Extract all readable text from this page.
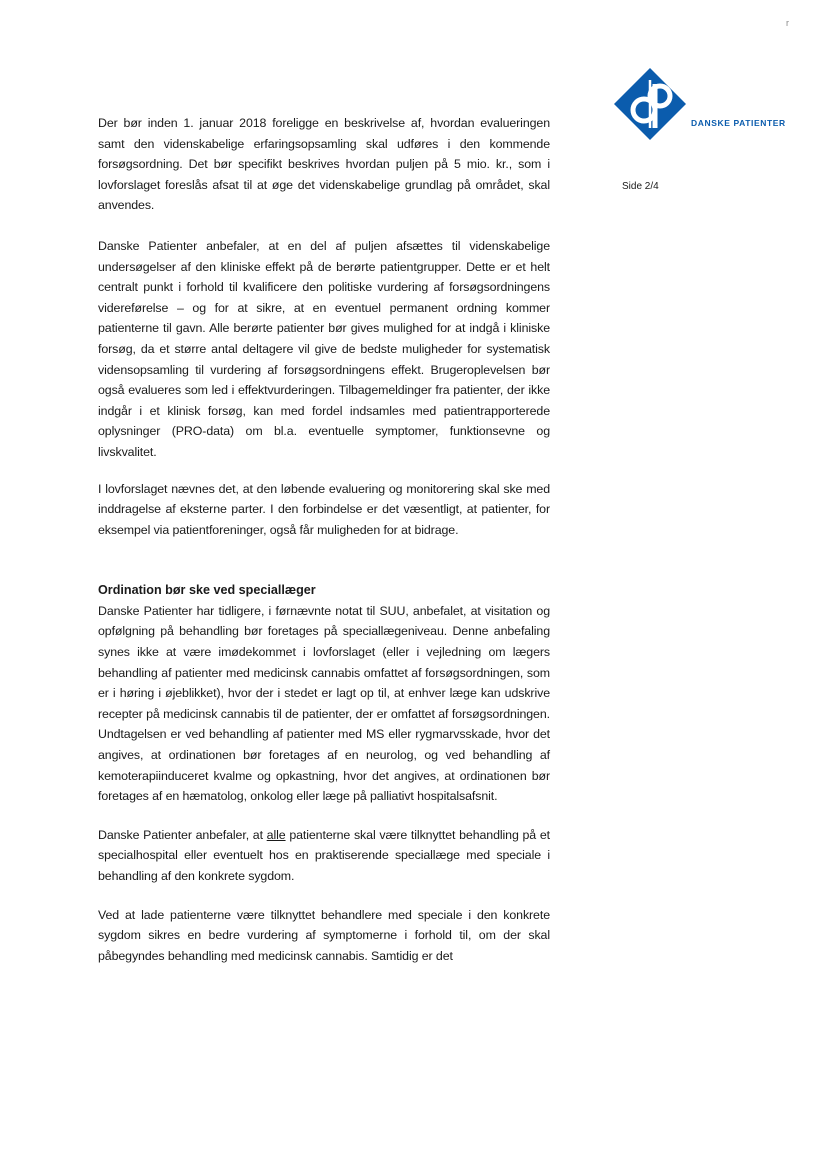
r
DANSKE PATIENTER
Side 2/4

Der bør inden 1. januar 2018 foreligge en beskrivelse af, hvordan evalueringen samt den videnskabelige erfaringsopsamling skal udføres i den kommende forsøgsordning. Det bør specifikt beskrives hvordan puljen på 5 mio. kr., som i lovforslaget foreslås afsat til at øge det videnskabelige grundlag på området, skal anvendes.

Danske Patienter anbefaler, at en del af puljen afsættes til videnskabelige undersøgelser af den kliniske effekt på de berørte patientgrupper. Dette er et helt centralt punkt i forhold til kvalificere den politiske vurdering af forsøgsordningens videreførelse – og for at sikre, at en eventuel permanent ordning kommer patienterne til gavn. Alle berørte patienter bør gives mulighed for at indgå i kliniske forsøg, da et større antal deltagere vil give de bedste muligheder for systematisk vidensopsamling til vurdering af forsøgsordningens effekt. Brugeroplevelsen bør også evalueres som led i effektvurderingen. Tilbagemeldinger fra patienter, der ikke indgår i et klinisk forsøg, kan med fordel indsamles med patientrapporterede oplysninger (PRO-data) om bl.a. eventuelle symptomer, funktionsevne og livskvalitet.

I lovforslaget nævnes det, at den løbende evaluering og monitorering skal ske med inddragelse af eksterne parter. I den forbindelse er det væsentligt, at patienter, for eksempel via patientforeninger, også får muligheden for at bidrage.

Ordination bør ske ved speciallæger

Danske Patienter har tidligere, i førnævnte notat til SUU, anbefalet, at visitation og opfølgning på behandling bør foretages på speciallægeniveau. Denne anbefaling synes ikke at være imødekommet i lovforslaget (eller i vejledning om lægers behandling af patienter med medicinsk cannabis omfattet af forsøgsordningen, som er i høring i øjeblikket), hvor der i stedet er lagt op til, at enhver læge kan udskrive recepter på medicinsk cannabis til de patienter, der er omfattet af forsøgsordningen. Undtagelsen er ved behandling af patienter med MS eller rygmarvsskade, hvor det angives, at ordinationen bør foretages af en neurolog, og ved behandling af kemoterapiinduceret kvalme og opkastning, hvor det angives, at ordinationen bør foretages af en hæmatolog, onkolog eller læge på palliativt hospitalsafsnit.

Danske Patienter anbefaler, at alle patienterne skal være tilknyttet behandling på et specialhospital eller eventuelt hos en praktiserende speciallæge med speciale i behandling af den konkrete sygdom.

Ved at lade patienterne være tilknyttet behandlere med speciale i den konkrete sygdom sikres en bedre vurdering af symptomerne i forhold til, om der skal påbegyndes behandling med medicinsk cannabis. Samtidig er det
